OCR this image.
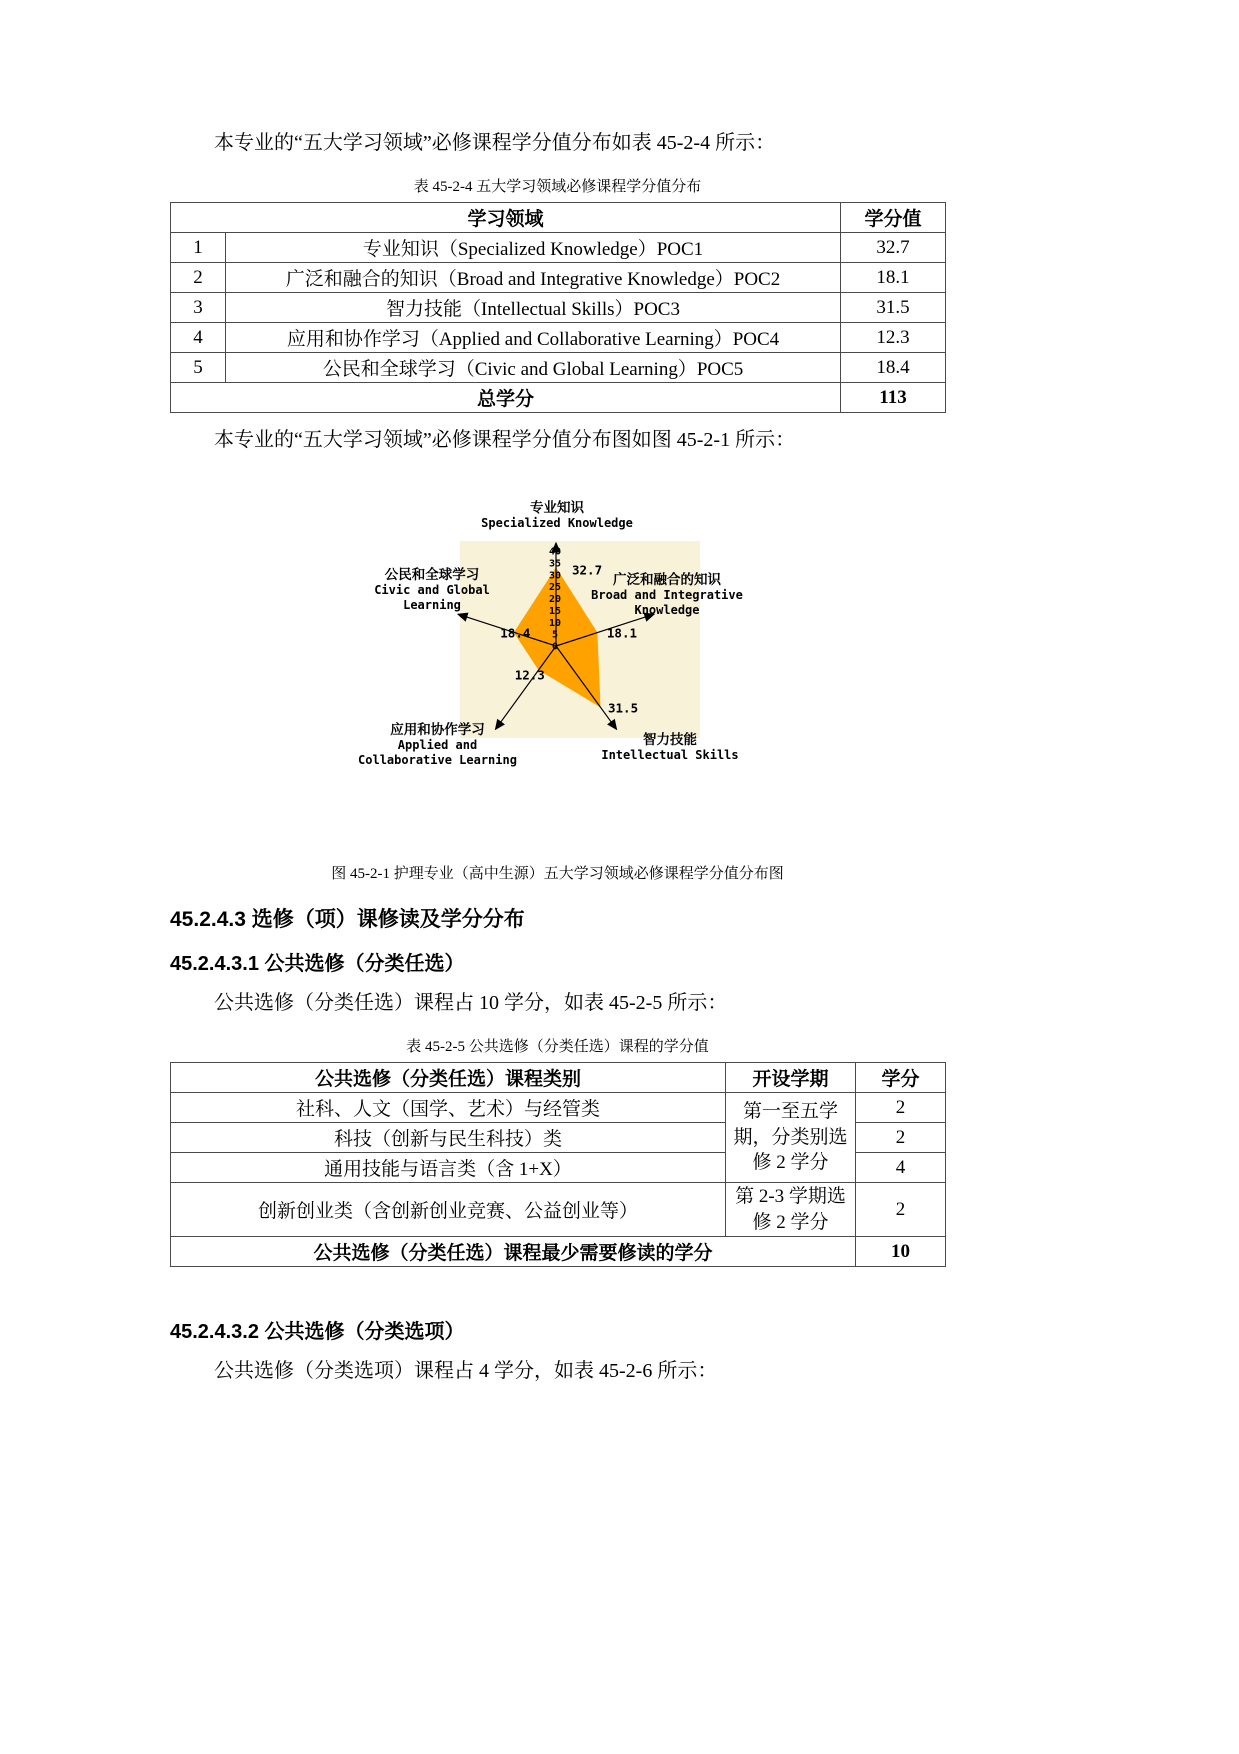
本专业的“五大学习领域”必修课程学分值分布如表 45-2-4 所示：

表 45-2-4 五大学习领域必修课程学分值分布
学习领域		学分值
1	专业知识（Specialized Knowledge）POC1	32.7
2	广泛和融合的知识（Broad and Integrative Knowledge）POC2	18.1
3	智力技能（Intellectual Skills）POC3	31.5
4	应用和协作学习（Applied and Collaborative Learning）POC4	12.3
5	公民和全球学习（Civic and Global Learning）POC5	18.4
总学分		113

本专业的“五大学习领域”必修课程学分值分布图如图 45-2-1 所示：

0
5
10
15
20
25
30
35
40
32.7
18.1
31.5
12.3
18.4
专业知识
Specialized Knowledge
广泛和融合的知识
Broad and Integrative Knowledge
智力技能
Intellectual Skills
应用和协作学习
Applied and Collaborative Learning
公民和全球学习
Civic and Global Learning
图 45-2-1 护理专业（高中生源）五大学习领域必修课程学分值分布图
45.2.4.3 选修（项）课修读及学分分布
45.2.4.3.1 公共选修（分类任选）

公共选修（分类任选）课程占 10 学分，如表 45-2-5 所示：

表 45-2-5 公共选修（分类任选）课程的学分值
公共选修（分类任选）课程类别	开设学期	学分
社科、人文（国学、艺术）与经管类	第一至五学期，分类别选修 2 学分	2
科技（创新与民生科技）类		2
通用技能与语言类（含 1+X）		4
创新创业类（含创新创业竞赛、公益创业等）	第 2-3 学期选修 2 学分	2
公共选修（分类任选）课程最少需要修读的学分		10
45.2.4.3.2 公共选修（分类选项）

公共选修（分类选项）课程占 4 学分，如表 45-2-6 所示：
